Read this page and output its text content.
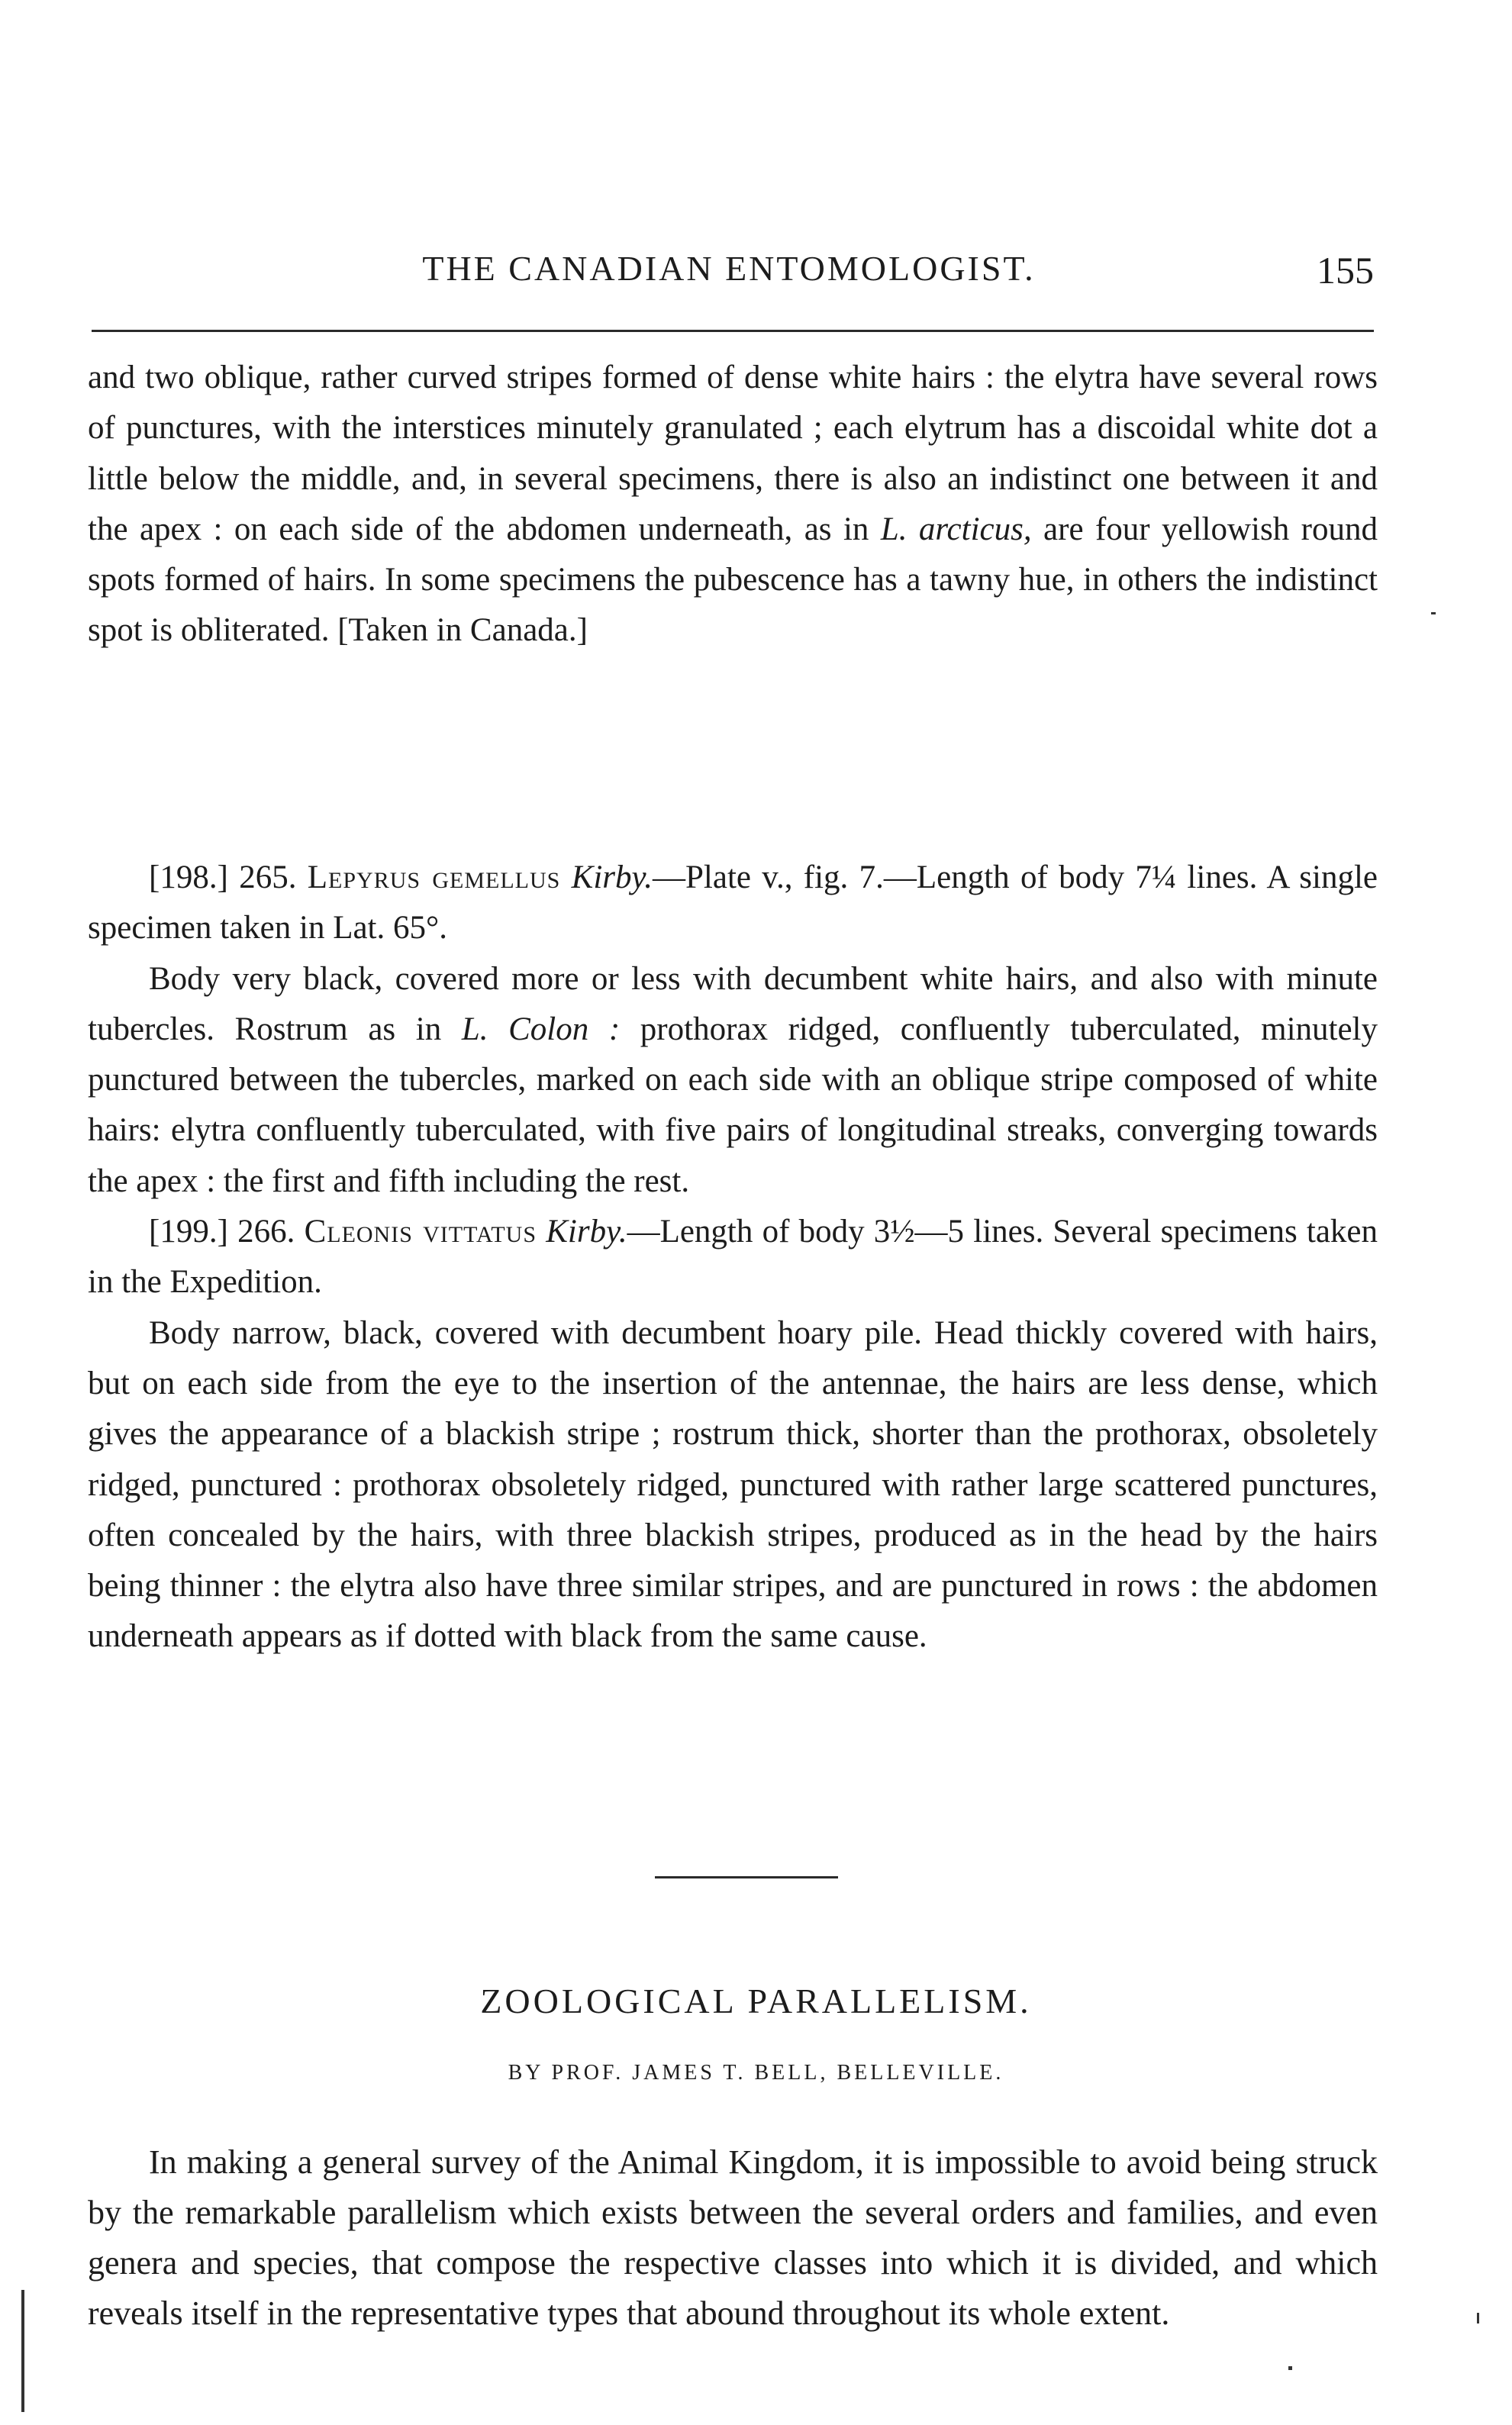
THE CANADIAN ENTOMOLOGIST.	155

and two oblique, rather curved stripes formed of dense white hairs : the elytra have several rows of punctures, with the interstices minutely granulated ; each elytrum has a discoidal white dot a little below the middle, and, in several specimens, there is also an indistinct one between it and the apex : on each side of the abdomen underneath, as in L. arcticus, are four yellowish round spots formed of hairs. In some specimens the pubescence has a tawny hue, in others the indistinct spot is obliterated. [Taken in Canada.]

[198.] 265. Lepyrus gemellus Kirby.—Plate v., fig. 7.—Length of body 7¼ lines. A single specimen taken in Lat. 65°.

Body very black, covered more or less with decumbent white hairs, and also with minute tubercles. Rostrum as in L. Colon : prothorax ridged, confluently tuberculated, minutely punctured between the tubercles, marked on each side with an oblique stripe composed of white hairs: elytra confluently tuberculated, with five pairs of longitudinal streaks, converging towards the apex : the first and fifth including the rest.

[199.] 266. Cleonis vittatus Kirby.—Length of body 3½—5 lines. Several specimens taken in the Expedition.

Body narrow, black, covered with decumbent hoary pile. Head thickly covered with hairs, but on each side from the eye to the insertion of the antennae, the hairs are less dense, which gives the appearance of a blackish stripe ; rostrum thick, shorter than the prothorax, obsoletely ridged, punctured : prothorax obsoletely ridged, punctured with rather large scattered punctures, often concealed by the hairs, with three blackish stripes, produced as in the head by the hairs being thinner : the elytra also have three similar stripes, and are punctured in rows : the abdomen underneath appears as if dotted with black from the same cause.

ZOOLOGICAL PARALLELISM.
BY PROF. JAMES T. BELL, BELLEVILLE.

In making a general survey of the Animal Kingdom, it is impossible to avoid being struck by the remarkable parallelism which exists between the several orders and families, and even genera and species, that compose the respective classes into which it is divided, and which reveals itself in the representative types that abound throughout its whole extent.
